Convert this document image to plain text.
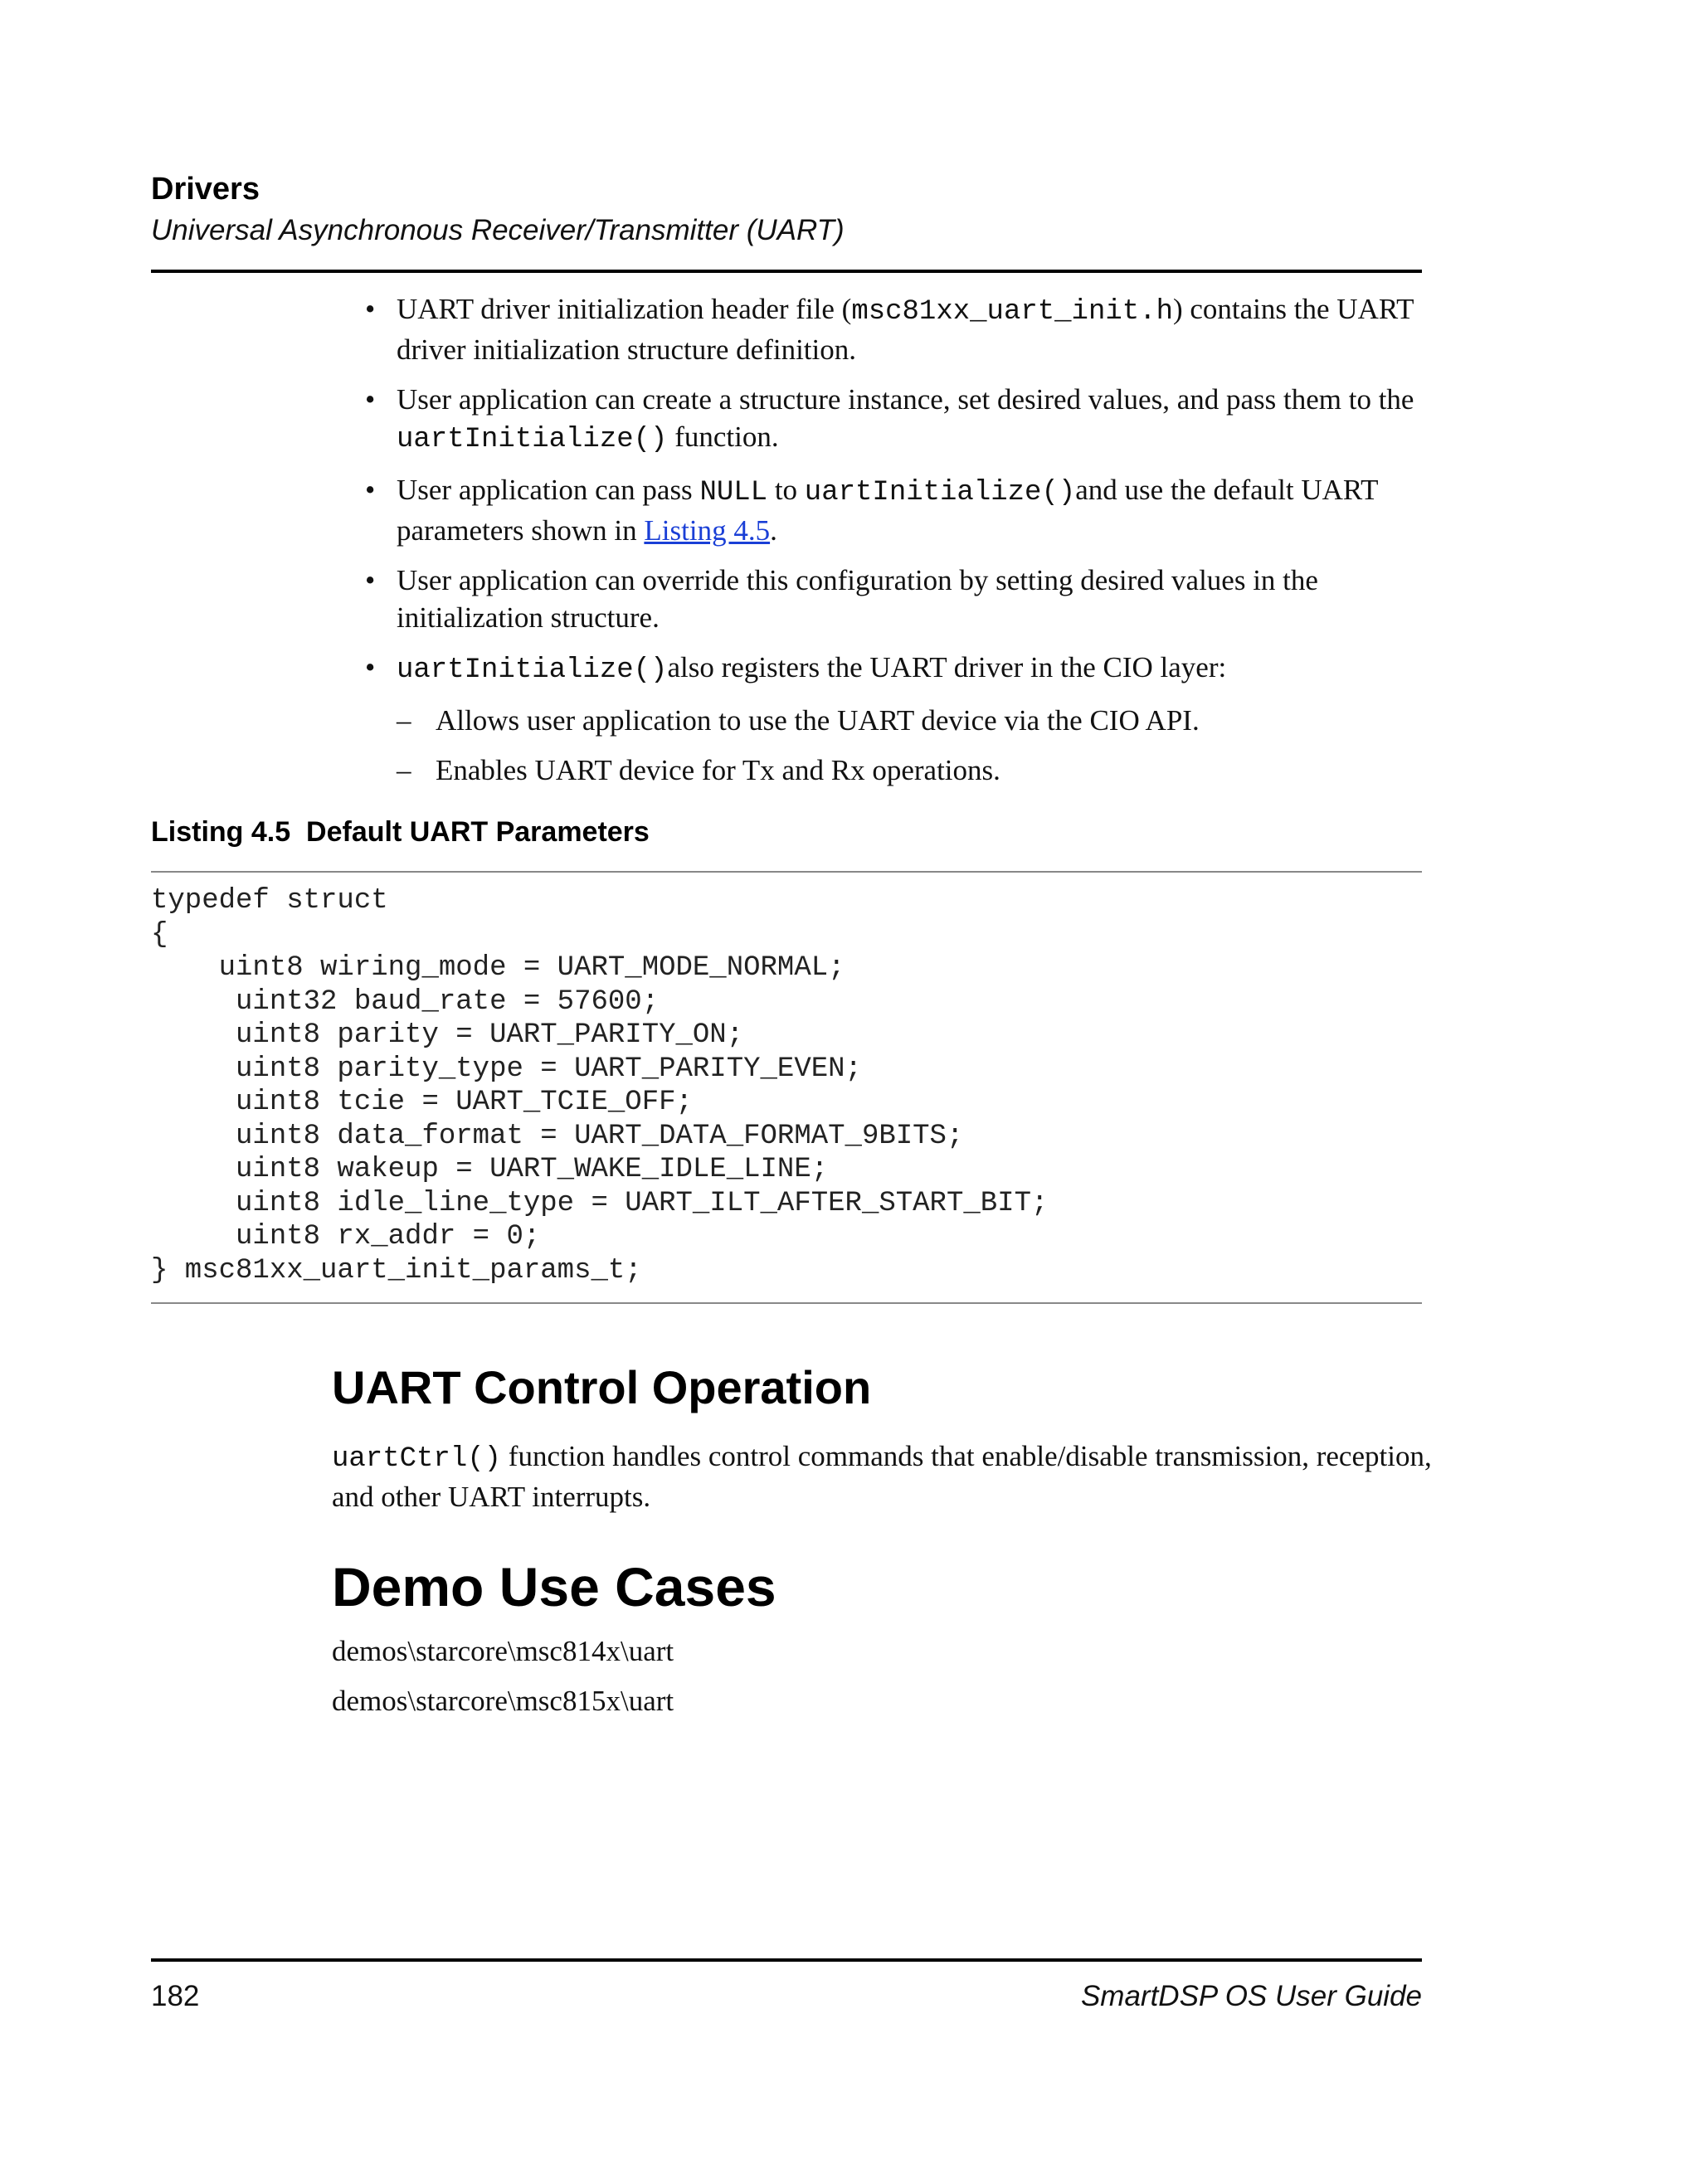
Drivers
Universal Asynchronous Receiver/Transmitter (UART)
• UART driver initialization header file (msc81xx_uart_init.h) contains the UART driver initialization structure definition.
• User application can create a structure instance, set desired values, and pass them to the uartInitialize() function.
• User application can pass NULL to uartInitialize()and use the default UART parameters shown in Listing 4.5.
• User application can override this configuration by setting desired values in the initialization structure.
• uartInitialize()also registers the UART driver in the CIO layer:
– Allows user application to use the UART device via the CIO API.
– Enables UART device for Tx and Rx operations.
Listing 4.5  Default UART Parameters
typedef struct
{
uint8 wiring_mode = UART_MODE_NORMAL;
uint32 baud_rate = 57600;
uint8 parity = UART_PARITY_ON;
uint8 parity_type = UART_PARITY_EVEN;
uint8 tcie = UART_TCIE_OFF;
uint8 data_format = UART_DATA_FORMAT_9BITS;
uint8 wakeup = UART_WAKE_IDLE_LINE;
uint8 idle_line_type = UART_ILT_AFTER_START_BIT;
uint8 rx_addr = 0;
} msc81xx_uart_init_params_t;
UART Control Operation
uartCtrl() function handles control commands that enable/disable transmission, reception, and other UART interrupts.
Demo Use Cases
demos\starcore\msc814x\uart
demos\starcore\msc815x\uart
182	SmartDSP OS User Guide
